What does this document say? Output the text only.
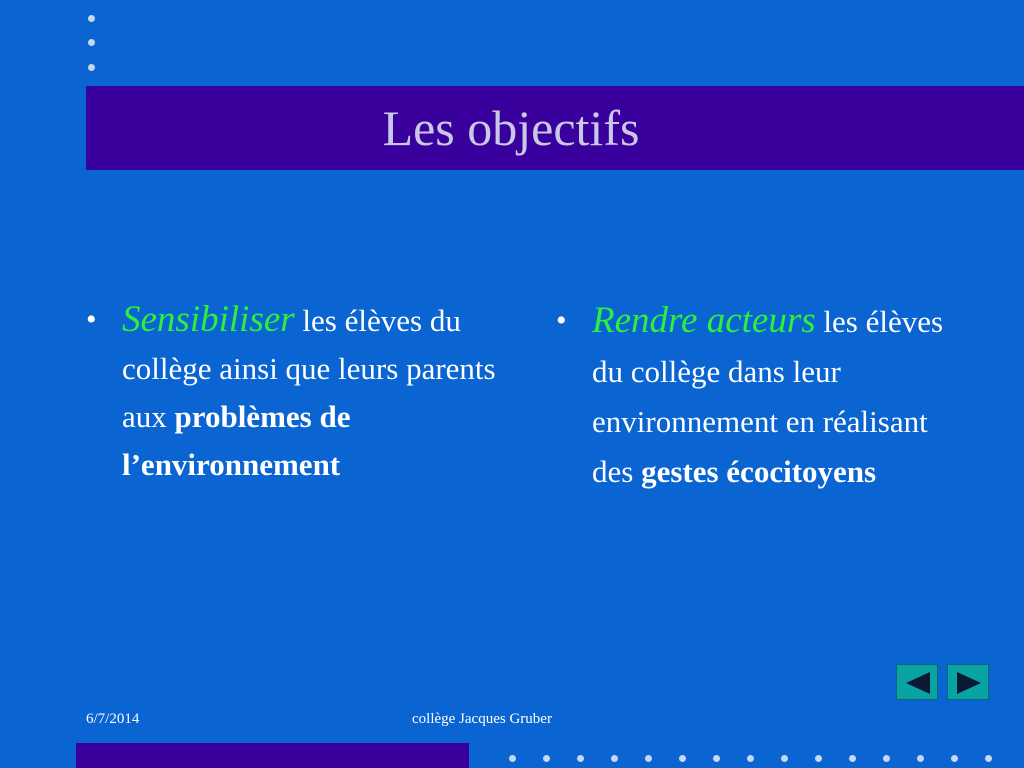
Les objectifs
• Sensibiliser les élèves du collège ainsi que leurs parents aux problèmes de l’environnement
• Rendre acteurs les élèves du collège dans leur environnement en réalisant des gestes écocitoyens
6/7/2014	collège Jacques Gruber
